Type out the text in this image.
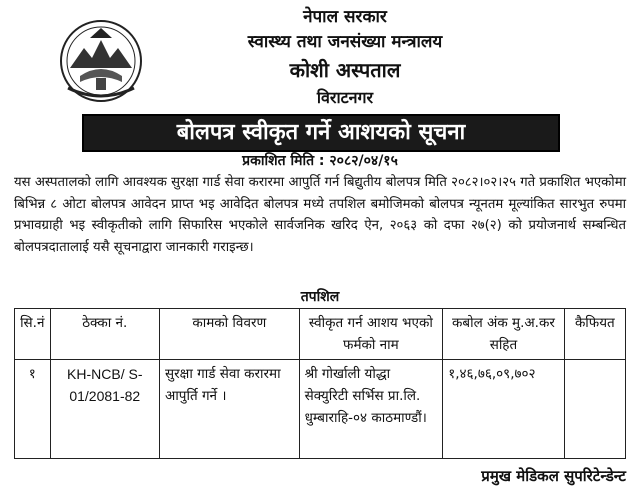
नेपाल सरकार
स्वास्थ्य तथा जनसंख्या मन्त्रालय
कोशी अस्पताल
विराटनगर
बोलपत्र स्वीकृत गर्ने आशयको सूचना
प्रकाशित मिति : २०८२/०४/१५
यस अस्पतालको लागि आवश्यक सुरक्षा गार्ड सेवा करारमा आपुर्ति गर्न बिद्युतीय बोलपत्र मिति २०८२।०२।२५ गते प्रकाशित भएकोमा बिभिन्न ८ ओटा बोलपत्र आवेदन प्राप्त भइ आवेदित बोलपत्र मध्ये तपशिल बमोजिमको बोलपत्र न्यूनतम मूल्यांकित सारभुत रुपमा प्रभावग्राही भइ स्वीकृतीको लागि सिफारिस भएकोले सार्वजनिक खरिद ऐन, २०६३ को दफा २७(२) को प्रयोजनार्थ सम्बन्धित बोलपत्रदातालाई यसै सूचनाद्वारा जानकारी गराइन्छ।
तपशिल
सि.नं	ठेक्का नं.	कामको विवरण	स्वीकृत गर्न आशय भएको फर्मको नाम	कबोल अंक मु.अ.कर सहित	कैफियत
१	KH-NCB/ S-01/2081-82	सुरक्षा गार्ड सेवा करारमा आपुर्ति गर्ने ।	श्री गोर्खाली योद्धा सेक्युरिटी सर्भिस प्रा.लि. धुम्बाराहि-०४ काठमाण्डौं।	१,४६,७६,०९,७०२	
प्रमुख मेडिकल सुपरिटेन्डेन्ट
